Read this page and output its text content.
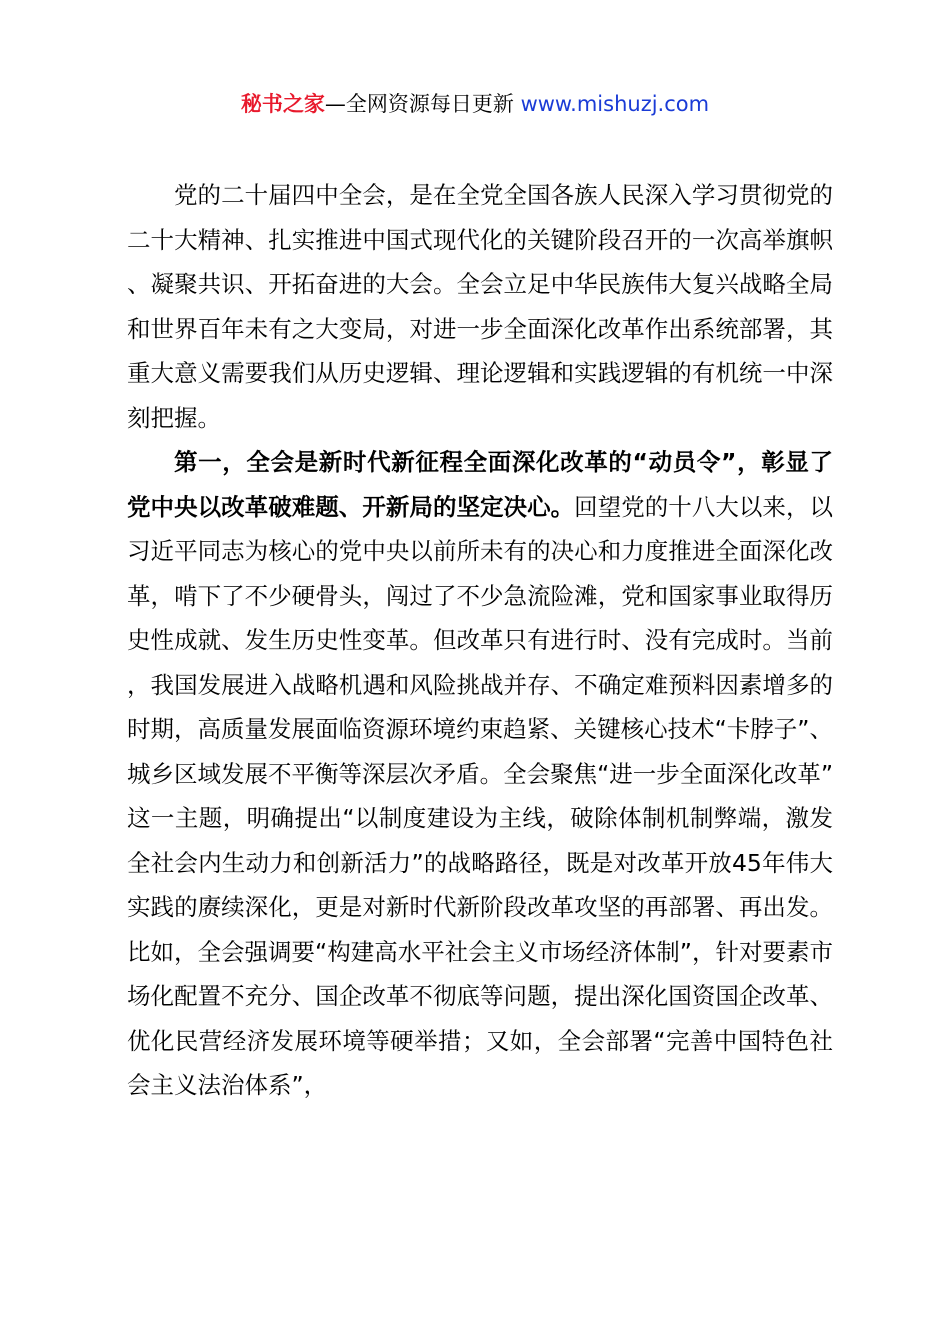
秘书之家—全网资源每日更新 www.mishuzj.com

党的二十届四中全会，是在全党全国各族人民深入学习贯彻党的二十大精神、扎实推进中国式现代化的关键阶段召开的一次高举旗帜、凝聚共识、开拓奋进的大会。全会立足中华民族伟大复兴战略全局和世界百年未有之大变局，对进一步全面深化改革作出系统部署，其重大意义需要我们从历史逻辑、理论逻辑和实践逻辑的有机统一中深刻把握。

第一，全会是新时代新征程全面深化改革的“动员令”，彰显了党中央以改革破难题、开新局的坚定决心。回望党的十八大以来，以习近平同志为核心的党中央以前所未有的决心和力度推进全面深化改革，啃下了不少硬骨头，闯过了不少急流险滩，党和国家事业取得历史性成就、发生历史性变革。但改革只有进行时、没有完成时。当前，我国发展进入战略机遇和风险挑战并存、不确定难预料因素增多的时期，高质量发展面临资源环境约束趋紧、关键核心技术“卡脖子”、城乡区域发展不平衡等深层次矛盾。全会聚焦“进一步全面深化改革”这一主题，明确提出“以制度建设为主线，破除体制机制弊端，激发全社会内生动力和创新活力”的战略路径，既是对改革开放45年伟大实践的赓续深化，更是对新时代新阶段改革攻坚的再部署、再出发。比如，全会强调要“构建高水平社会主义市场经济体制”，针对要素市场化配置不充分、国企改革不彻底等问题，提出深化国资国企改革、优化民营经济发展环境等硬举措；又如，全会部署“完善中国特色社会主义法治体系”，
